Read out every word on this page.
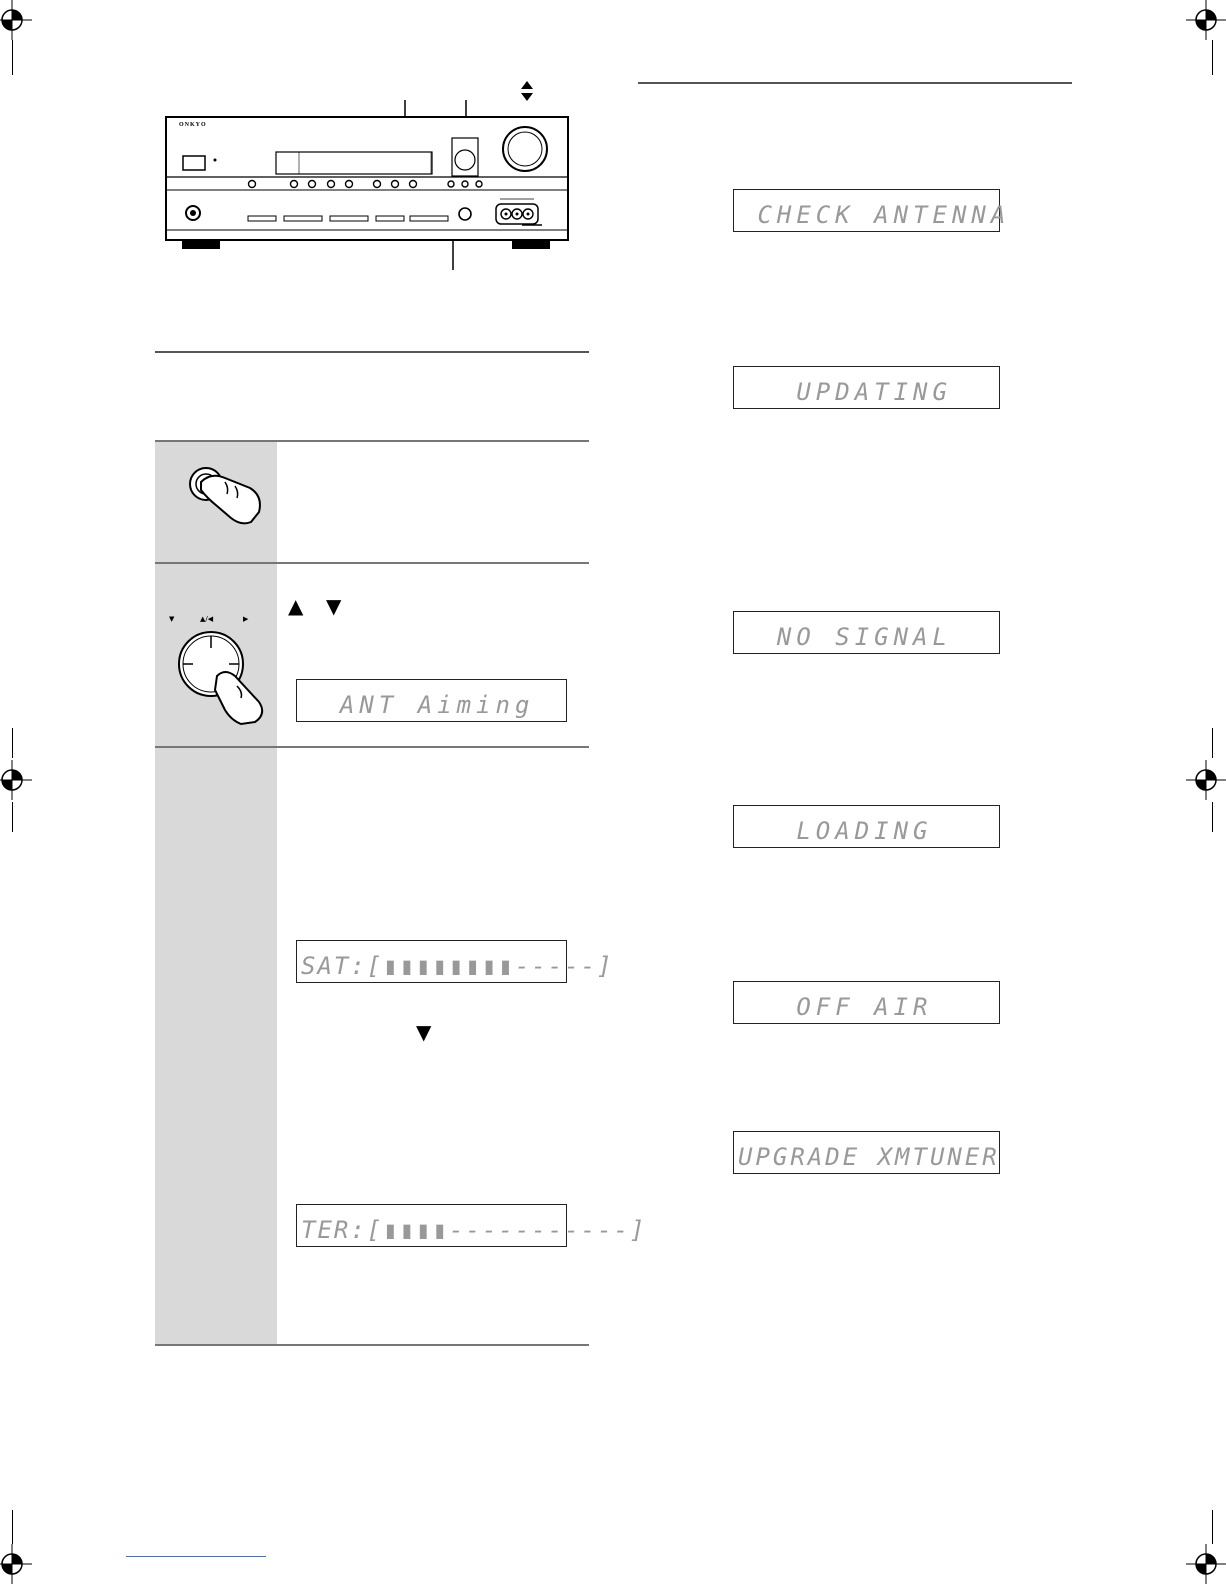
ONKYO
▼	▲/◀	▶
▲ ▼
ANT Aiming
SAT:[▮▮▮▮▮▮▮▮-----]
▼
TER:[▮▮▮▮-----------]
CHECK ANTENNA
UPDATING
NO SIGNAL
LOADING
OFF AIR
UPGRADE XMTUNER
